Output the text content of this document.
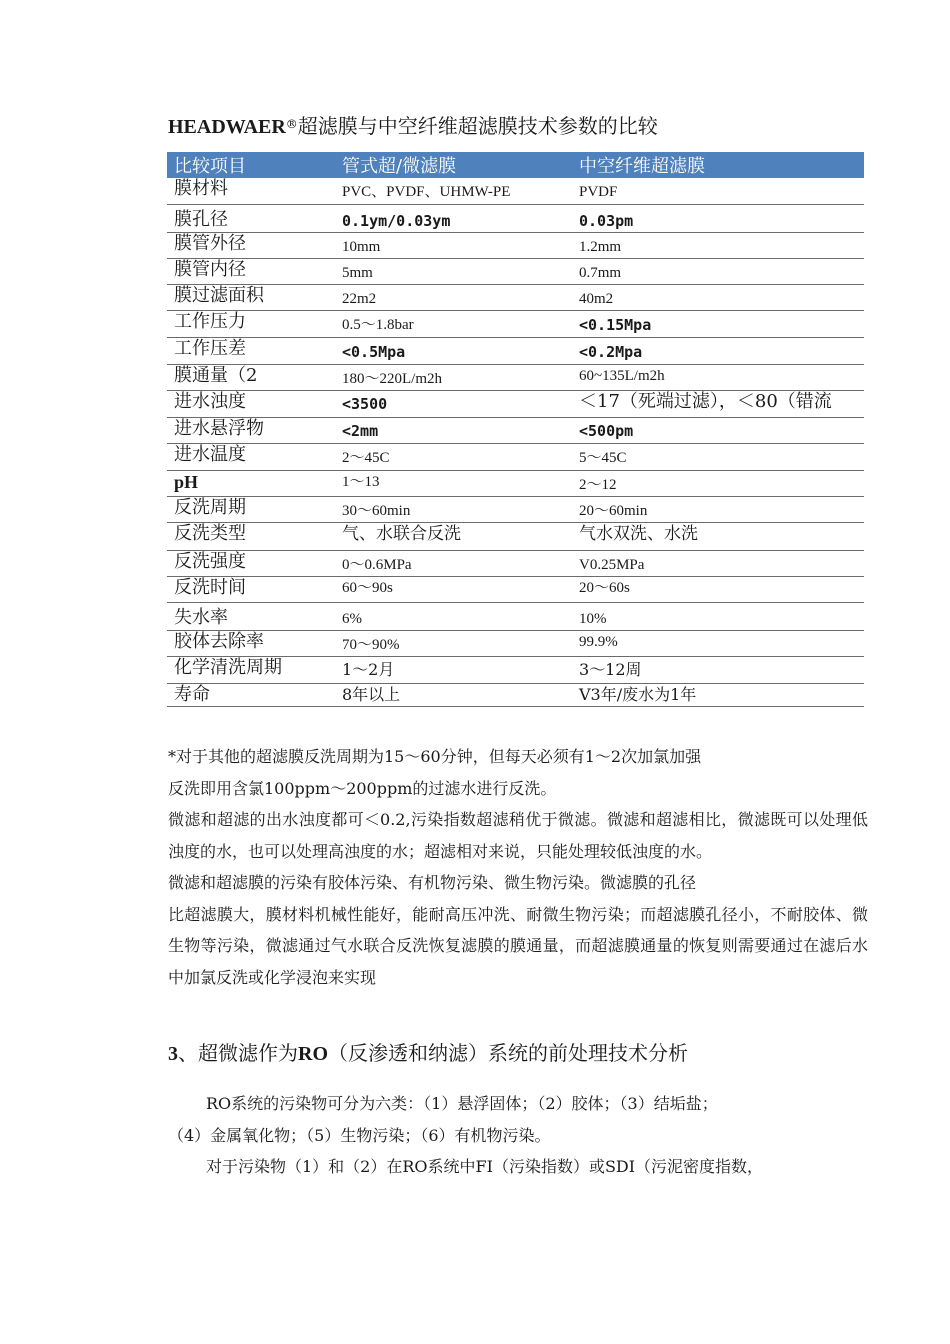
HEADWAER®超滤膜与中空纤维超滤膜技术参数的比较
比较项目	管式超/微滤膜	中空纤维超滤膜
膜材料	PVC、PVDF、UHMW-PE	PVDF
膜孔径	0.1ym/0.03ym	0.03pm
膜管外径	10mm	1.2mm
膜管内径	5mm	0.7mm
膜过滤面积	22m2	40m2
工作压力	0.5〜1.8bar	<0.15Mpa
工作压差	<0.5Mpa	<0.2Mpa
膜通量（2	180〜220L/m2h	60~135L/m2h
进水浊度	<3500	＜17（死端过滤），＜80（错流
进水悬浮物	<2mm	<500pm
进水温度	2〜45C	5〜45C
pH	1〜13	2〜12
反洗周期	30〜60min	20〜60min
反洗类型	气、水联合反洗	气水双洗、水洗
反洗强度	0〜0.6MPa	V0.25MPa
反洗时间	60〜90s	20〜60s
失水率	6%	10%
胶体去除率	70〜90%	99.9%
化学清洗周期	1〜2月	3〜12周
寿命	8年以上	V3年/废水为1年

*对于其他的超滤膜反洗周期为15〜60分钟，但每天必须有1〜2次加氯加强

反洗即用含氯100ppm〜200ppm的过滤水进行反洗。

微滤和超滤的出水浊度都可＜0.2,污染指数超滤稍优于微滤。微滤和超滤相比，微滤既可以处理低浊度的水，也可以处理高浊度的水；超滤相对来说，只能处理较低浊度的水。

微滤和超滤膜的污染有胶体污染、有机物污染、微生物污染。微滤膜的孔径

比超滤膜大，膜材料机械性能好，能耐高压冲洗、耐微生物污染；而超滤膜孔径小，不耐胶体、微生物等污染，微滤通过气水联合反洗恢复滤膜的膜通量，而超滤膜通量的恢复则需要通过在滤后水中加氯反洗或化学浸泡来实现

3、超微滤作为RO（反渗透和纳滤）系统的前处理技术分析

RO系统的污染物可分为六类：（1）悬浮固体；（2）胶体；（3）结垢盐；

（4）金属氧化物；（5）生物污染；（6）有机物污染。

对于污染物（1）和（2）在RO系统中FI（污染指数）或SDI（污泥密度指数，
